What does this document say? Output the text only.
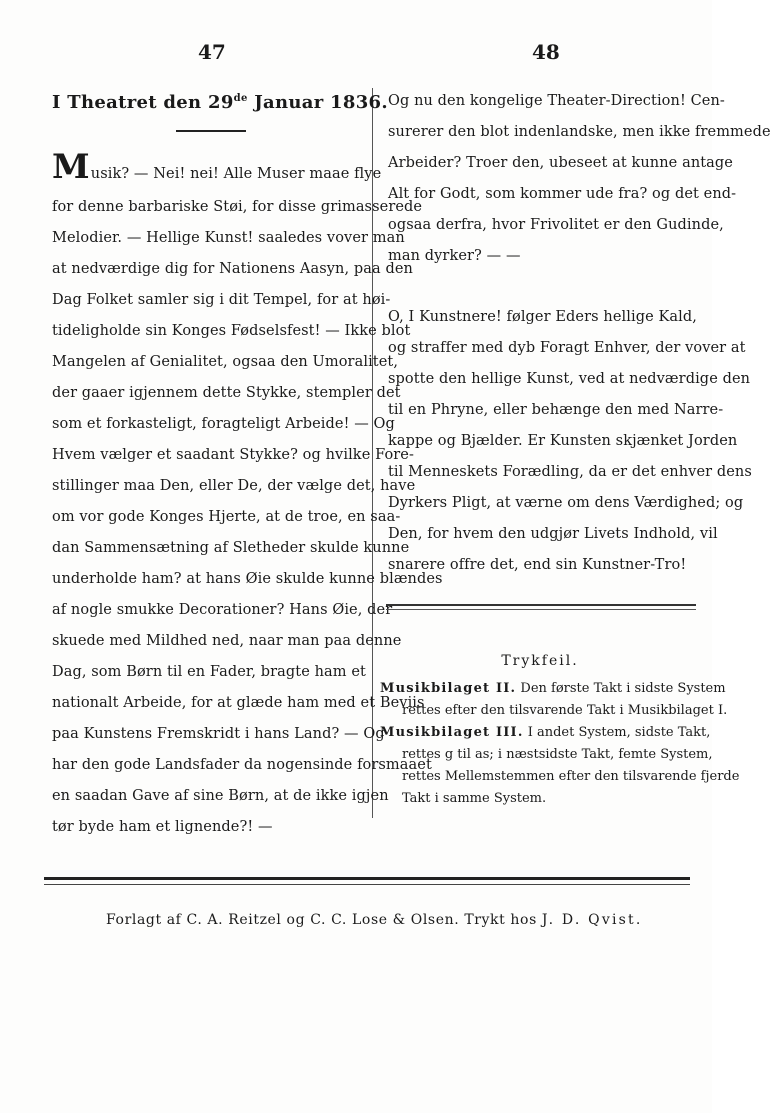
47	48
I Theatret den 29de Januar 1836.
Musik? — Nei! nei! Alle Muser maae flye
for denne barbariske Støi, for disse grimasserede
Melodier. — Hellige Kunst! saaledes vover man
at nedværdige dig for Nationens Aasyn, paa den
Dag Folket samler sig i dit Tempel, for at høi-
tideligholde sin Konges Fødselsfest! — Ikke blot
Mangelen af Genialitet, ogsaa den Umoralitet,
der gaaer igjennem dette Stykke, stempler det
som et forkasteligt, foragteligt Arbeide! — Og
Hvem vælger et saadant Stykke? og hvilke Fore-
stillinger maa Den, eller De, der vælge det, have
om vor gode Konges Hjerte, at de troe, en saa-
dan Sammensætning af Sletheder skulde kunne
underholde ham? at hans Øie skulde kunne blændes
af nogle smukke Decorationer? Hans Øie, der
skuede med Mildhed ned, naar man paa denne
Dag, som Børn til en Fader, bragte ham et
nationalt Arbeide, for at glæde ham med et Beviis
paa Kunstens Fremskridt i hans Land? — Og
har den gode Landsfader da nogensinde forsmaaet
en saadan Gave af sine Børn, at de ikke igjen
tør byde ham et lignende?! —
Og nu den kongelige Theater-Direction! Cen-
surerer den blot indenlandske, men ikke fremmede
Arbeider? Troer den, ubeseet at kunne antage
Alt for Godt, som kommer ude fra? og det end-
ogsaa derfra, hvor Frivolitet er den Gudinde,
man dyrker? — —
O, I Kunstnere! følger Eders hellige Kald,
og straffer med dyb Foragt Enhver, der vover at
spotte den hellige Kunst, ved at nedværdige den
til en Phryne, eller behænge den med Narre-
kappe og Bjælder. Er Kunsten skjænket Jorden
til Menneskets Forædling, da er det enhver dens
Dyrkers Pligt, at værne om dens Værdighed; og
Den, for hvem den udgjør Livets Indhold, vil
snarere offre det, end sin Kunstner-Tro!
Trykfeil.
Musikbilaget II. Den første Takt i sidste System
rettes efter den tilsvarende Takt i Musikbilaget I.
Musikbilaget III. I andet System, sidste Takt,
rettes g til as; i næstsidste Takt, femte System,
rettes Mellemstemmen efter den tilsvarende fjerde
Takt i samme System.
Forlagt af C. A. Reitzel og C. C. Lose & Olsen. Trykt hos J. D. Qvist.
